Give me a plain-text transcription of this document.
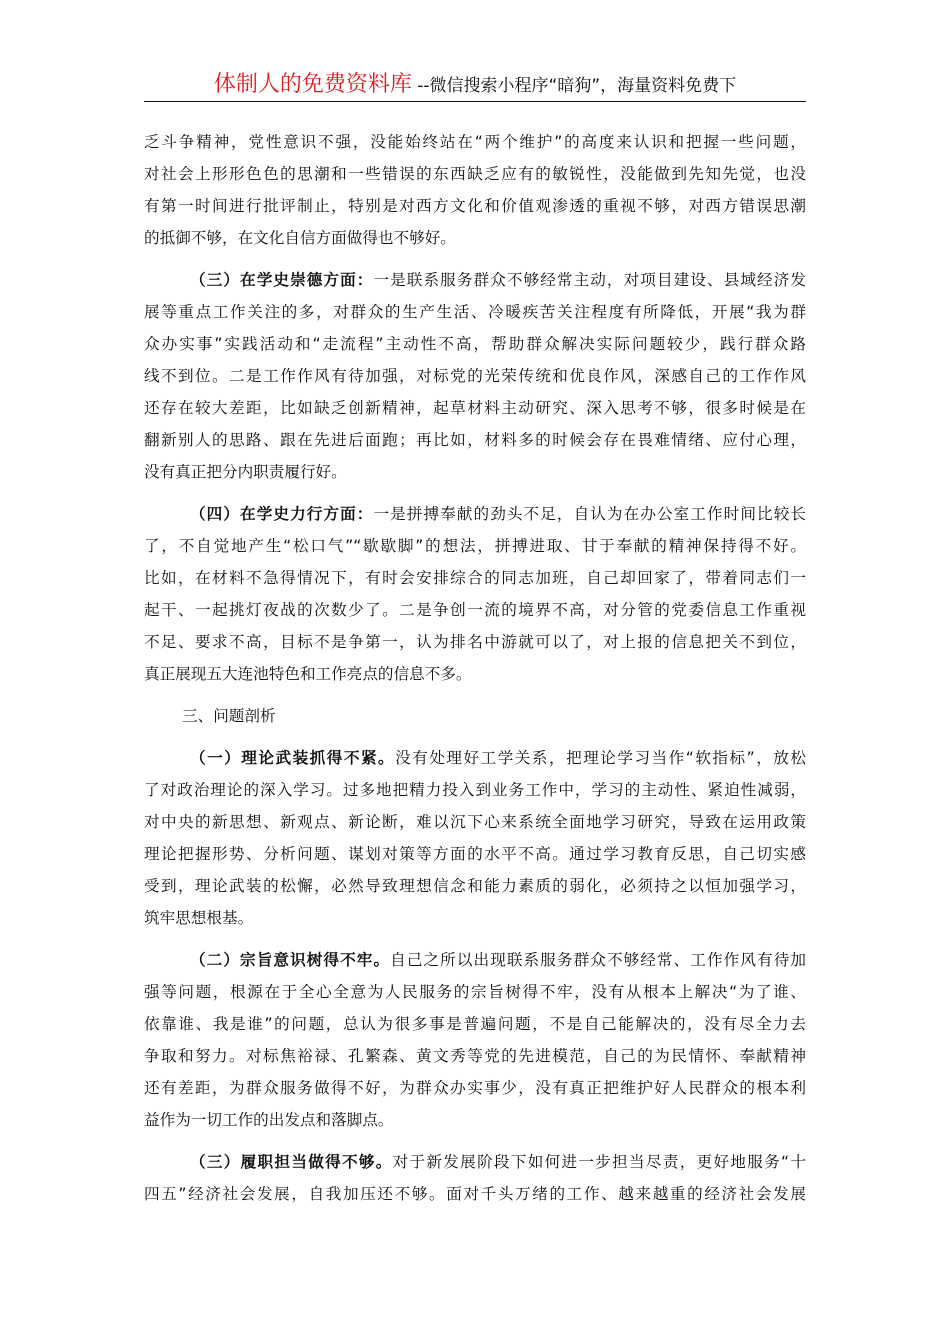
体制人的免费资料库 --微信搜索小程序“暗狗”，海量资料免费下
乏斗争精神，党性意识不强，没能始终站在“两个维护”的高度来认识和把握一些问题，
对社会上形形色色的思潮和一些错误的东西缺乏应有的敏锐性，没能做到先知先觉，也没
有第一时间进行批评制止，特别是对西方文化和价值观渗透的重视不够，对西方错误思潮
的抵御不够，在文化自信方面做得也不够好。
（三）在学史崇德方面：一是联系服务群众不够经常主动，对项目建设、县域经济发
展等重点工作关注的多，对群众的生产生活、冷暖疾苦关注程度有所降低，开展“我为群
众办实事”实践活动和“走流程”主动性不高，帮助群众解决实际问题较少，践行群众路
线不到位。二是工作作风有待加强，对标党的光荣传统和优良作风，深感自己的工作作风
还存在较大差距，比如缺乏创新精神，起草材料主动研究、深入思考不够，很多时候是在
翻新别人的思路、跟在先进后面跑；再比如，材料多的时候会存在畏难情绪、应付心理，
没有真正把分内职责履行好。
（四）在学史力行方面：一是拼搏奉献的劲头不足，自认为在办公室工作时间比较长
了，不自觉地产生“松口气”“歇歇脚”的想法，拼搏进取、甘于奉献的精神保持得不好。
比如，在材料不急得情况下，有时会安排综合的同志加班，自己却回家了，带着同志们一
起干、一起挑灯夜战的次数少了。二是争创一流的境界不高，对分管的党委信息工作重视
不足、要求不高，目标不是争第一，认为排名中游就可以了，对上报的信息把关不到位，
真正展现五大连池特色和工作亮点的信息不多。
三、问题剖析
（一）理论武装抓得不紧。没有处理好工学关系，把理论学习当作“软指标”，放松
了对政治理论的深入学习。过多地把精力投入到业务工作中，学习的主动性、紧迫性减弱，
对中央的新思想、新观点、新论断，难以沉下心来系统全面地学习研究，导致在运用政策
理论把握形势、分析问题、谋划对策等方面的水平不高。通过学习教育反思，自己切实感
受到，理论武装的松懈，必然导致理想信念和能力素质的弱化，必须持之以恒加强学习，
筑牢思想根基。
（二）宗旨意识树得不牢。自己之所以出现联系服务群众不够经常、工作作风有待加
强等问题，根源在于全心全意为人民服务的宗旨树得不牢，没有从根本上解决“为了谁、
依靠谁、我是谁”的问题，总认为很多事是普遍问题，不是自己能解决的，没有尽全力去
争取和努力。对标焦裕禄、孔繁森、黄文秀等党的先进模范，自己的为民情怀、奉献精神
还有差距，为群众服务做得不好，为群众办实事少，没有真正把维护好人民群众的根本利
益作为一切工作的出发点和落脚点。
（三）履职担当做得不够。对于新发展阶段下如何进一步担当尽责，更好地服务“十
四五”经济社会发展，自我加压还不够。面对千头万绪的工作、越来越重的经济社会发展
